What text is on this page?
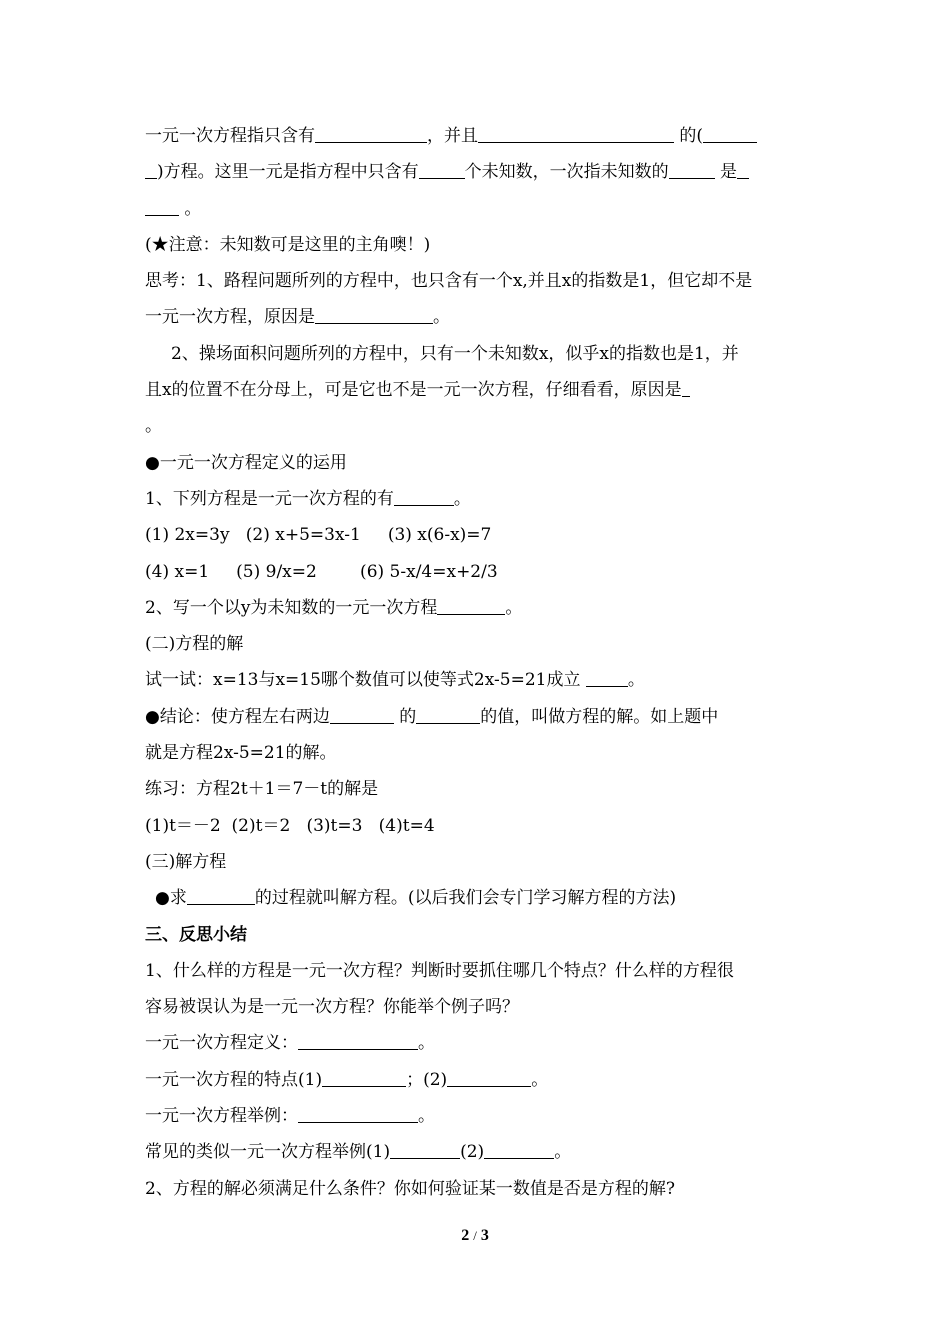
一元一次方程指只含有	，并且	的(
)方程。这里一元是指方程中只含有	个未知数，一次指未知数的	是
。
(★注意：未知数可是这里的主角噢！)
思考：1、路程问题所列的方程中，也只含有一个x,并且x的指数是1，但它却不是
一元一次方程，原因是	。
2、操场面积问题所列的方程中，只有一个未知数x，似乎x的指数也是1，并
且x的位置不在分母上，可是它也不是一元一次方程，仔细看看，原因是
。
●一元一次方程定义的运用
1、下列方程是一元一次方程的有	。
(1) 2x=3y   (2) x+5=3x-1     (3) x(6-x)=7
(4) x=1     (5) 9/x=2        (6) 5-x/4=x+2/3
2、写一个以y为未知数的一元一次方程	。
(二)方程的解
试一试：x=13与x=15哪个数值可以使等式2x-5=21成立	。
●结论：使方程左右两边	的	的值，叫做方程的解。如上题中
就是方程2x-5=21的解。
练习：方程2t＋1＝7－t的解是
(1)t＝－2  (2)t＝2   (3)t=3   (4)t=4
(三)解方程
●求	的过程就叫解方程。(以后我们会专门学习解方程的方法)
三、反思小结
1、什么样的方程是一元一次方程？判断时要抓住哪几个特点？什么样的方程很
容易被误认为是一元一次方程？你能举个例子吗？
一元一次方程定义：	。
一元一次方程的特点(1)	；(2)	。
一元一次方程举例：	。
常见的类似一元一次方程举例(1)	(2)	。
2、方程的解必须满足什么条件？你如何验证某一数值是否是方程的解?
2 / 3
